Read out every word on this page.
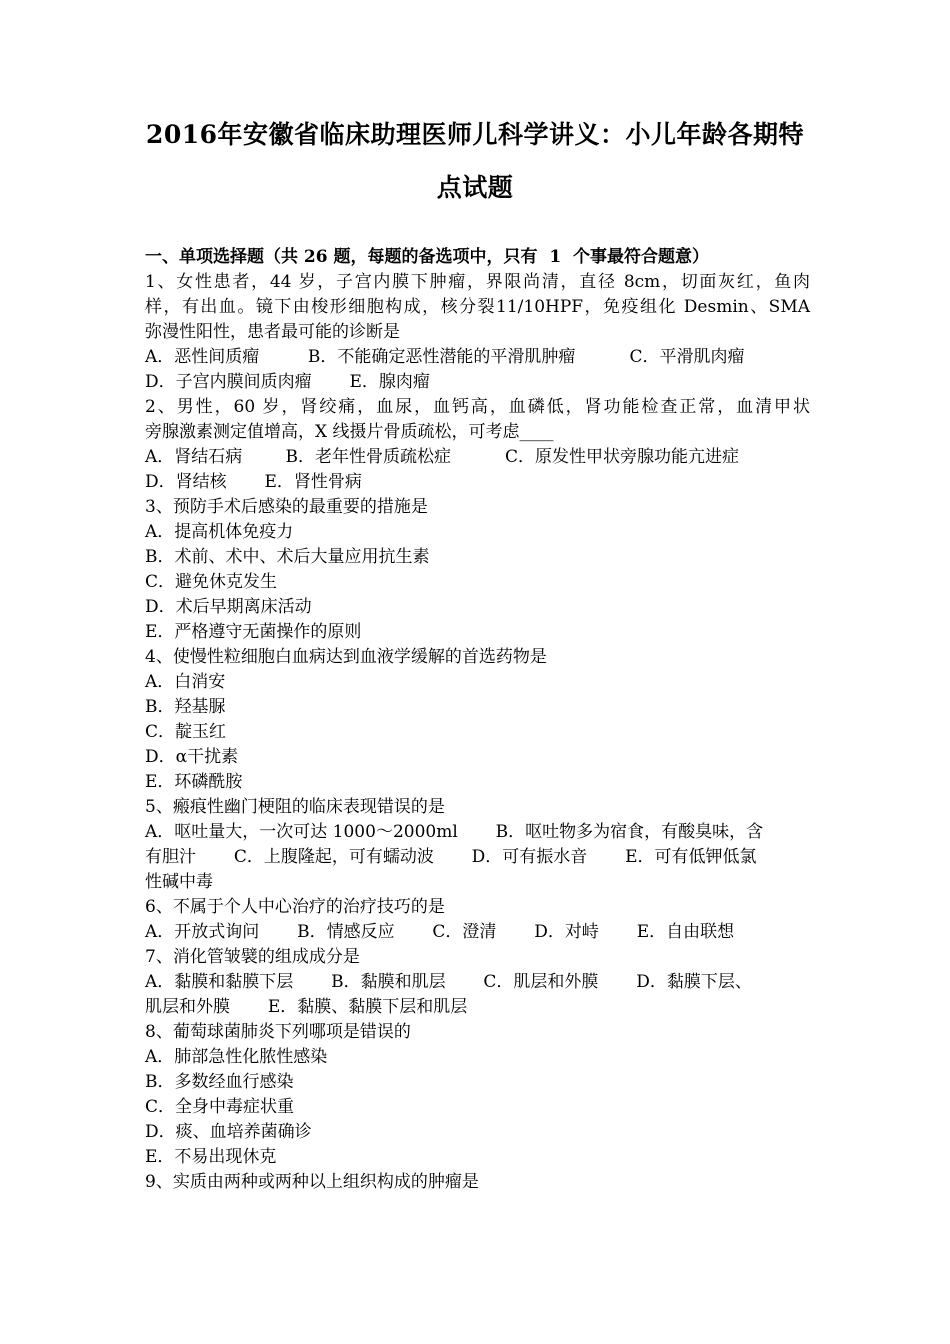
2016年安徽省临床助理医师儿科学讲义：小儿年龄各期特
点试题
一、单项选择题（共 26 题，每题的备选项中，只有  1  个事最符合题意）
1、女性患者，44 岁，子宫内膜下肿瘤，界限尚清，直径 8cm，切面灰红，鱼肉
样，有出血。镜下由梭形细胞构成，核分裂11/10HPF，免疫组化 Desmin、SMA
弥漫性阳性，患者最可能的诊断是
A．恶性间质瘤         B．不能确定恶性潜能的平滑肌肿瘤          C．平滑肌肉瘤
D．子宫内膜间质肉瘤       E．腺肉瘤
2、男性，60 岁，肾绞痛，血尿，血钙高，血磷低，肾功能检查正常，血清甲状
旁腺激素测定值增高，X 线摄片骨质疏松，可考虑____
A．肾结石病        B．老年性骨质疏松症          C．原发性甲状旁腺功能亢进症
D．肾结核       E．肾性骨病
3、预防手术后感染的最重要的措施是
A．提高机体免疫力
B．术前、术中、术后大量应用抗生素
C．避免休克发生
D．术后早期离床活动
E．严格遵守无菌操作的原则
4、使慢性粒细胞白血病达到血液学缓解的首选药物是
A．白消安
B．羟基脲
C．靛玉红
D．α干扰素
E．环磷酰胺
5、瘢痕性幽门梗阻的临床表现错误的是
A．呕吐量大，一次可达 1000～2000ml       B．呕吐物多为宿食，有酸臭味，含
有胆汁       C．上腹隆起，可有蠕动波       D．可有振水音       E．可有低钾低氯
性碱中毒
6、不属于个人中心治疗的治疗技巧的是
A．开放式询问       B．情感反应       C．澄清       D．对峙       E．自由联想
7、消化管皱襞的组成成分是
A．黏膜和黏膜下层       B．黏膜和肌层       C．肌层和外膜       D．黏膜下层、
肌层和外膜       E．黏膜、黏膜下层和肌层
8、葡萄球菌肺炎下列哪项是错误的
A．肺部急性化脓性感染
B．多数经血行感染
C．全身中毒症状重
D．痰、血培养菌确诊
E．不易出现休克
9、实质由两种或两种以上组织构成的肿瘤是
